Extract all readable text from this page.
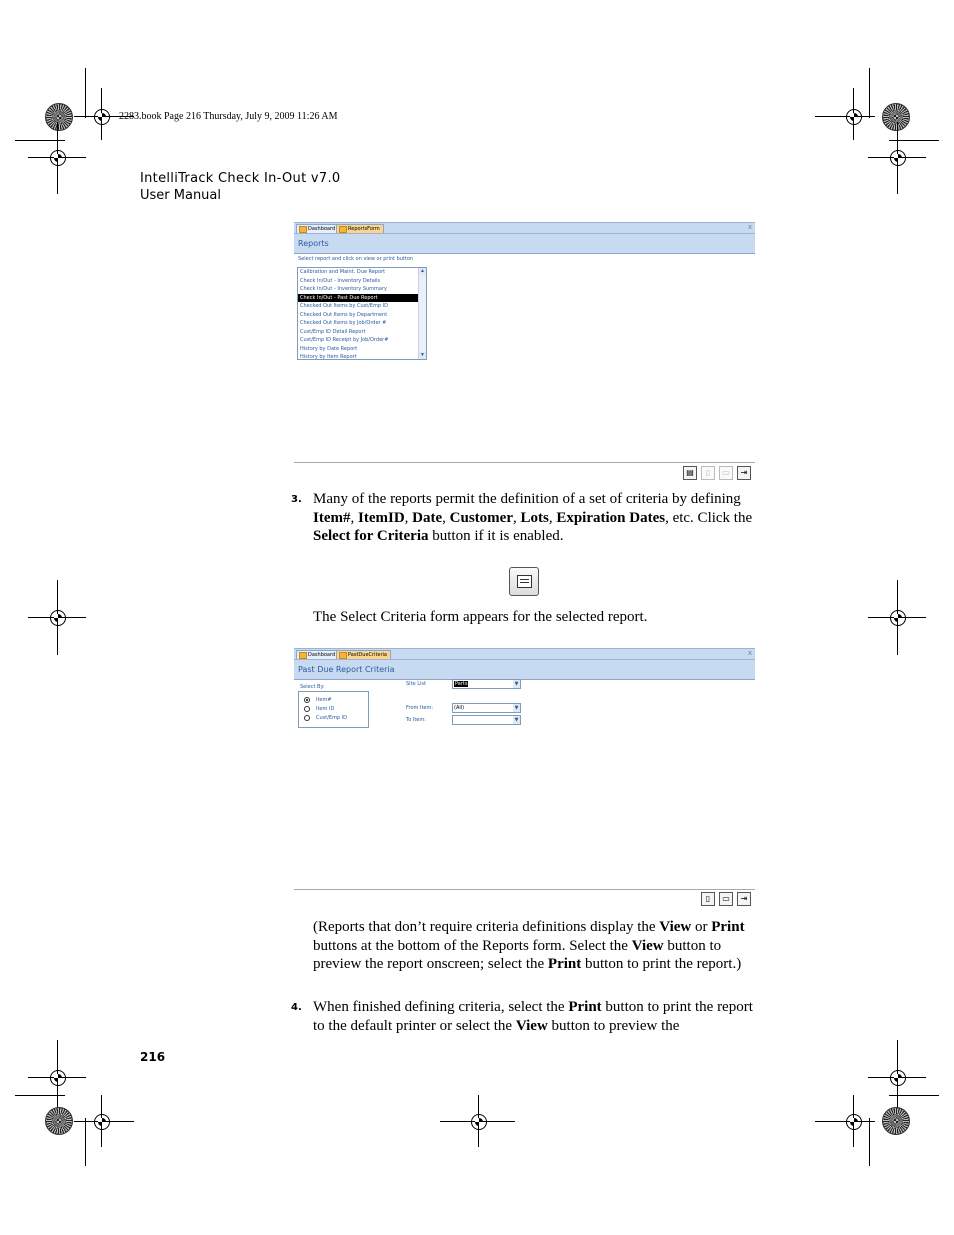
2283.book Page 216 Thursday, July 9, 2009 11:26 AM
IntelliTrack Check In-Out v7.0
User Manual
Dashboard	ReportsForm	x
Reports
Select report and click on view or print button
Calibration and Maint. Due Report
Check In/Out - Inventory Details
Check In/Out - Inventory Summary
Check In/Out - Past Due Report
Checked Out Items by Cust/Emp ID
Checked Out Items by Department
Checked Out Items by Job/Order #
Cust/Emp ID Detail Report
Cust/Emp ID Receipt by Job/Order#
History by Date Report
History by Item Report
▲
▼
▤	▯	▭	⇥
3. Many of the reports permit the definition of a set of criteria by defining Item#, ItemID, Date, Customer, Lots, Expiration Dates, etc. Click the Select for Criteria button if it is enabled.
The Select Criteria form appears for the selected report.
Dashboard	PastDueCriteria	x
Past Due Report Criteria
Select By:
Item#
Item ID
Cust/Emp ID
Site List	Parts	▼
From Item:	(All)	▼
To Item:	▼
▯	▭	⇥
(Reports that don’t require criteria definitions display the View or Print buttons at the bottom of the Reports form. Select the View button to preview the report onscreen; select the Print button to print the report.)
4. When finished defining criteria, select the Print button to print the report to the default printer or select the View button to preview the
216
